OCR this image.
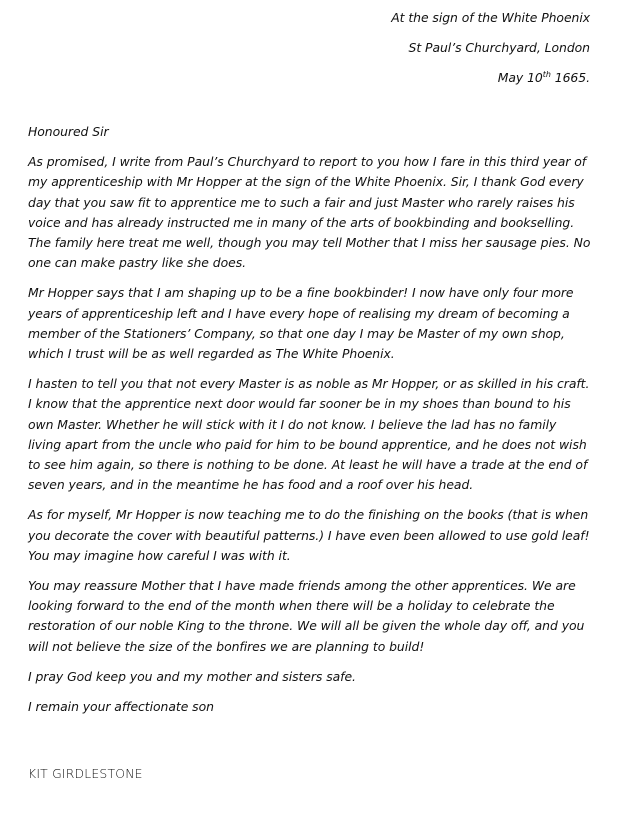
At the sign of the White Phoenix
St Paul’s Churchyard, London
May 10th 1665.
Honoured Sir
As promised, I write from Paul’s Churchyard to report to you how I fare in this third year of my apprenticeship with Mr Hopper at the sign of the White Phoenix. Sir, I thank God every day that you saw fit to apprentice me to such a fair and just Master who rarely raises his voice and has already instructed me in many of the arts of bookbinding and bookselling. The family here treat me well, though you may tell Mother that I miss her sausage pies. No one can make pastry like she does.
Mr Hopper says that I am shaping up to be a fine bookbinder! I now have only four more years of apprenticeship left and I have every hope of realising my dream of becoming a member of the Stationers’ Company, so that one day I may be Master of my own shop, which I trust will be as well regarded as The White Phoenix.
I hasten to tell you that not every Master is as noble as Mr Hopper, or as skilled in his craft. I know that the apprentice next door would far sooner be in my shoes than bound to his own Master. Whether he will stick with it I do not know. I believe the lad has no family living apart from the uncle who paid for him to be bound apprentice, and he does not wish to see him again, so there is nothing to be done. At least he will have a trade at the end of seven years, and in the meantime he has food and a roof over his head.
As for myself, Mr Hopper is now teaching me to do the finishing on the books (that is when you decorate the cover with beautiful patterns.) I have even been allowed to use gold leaf! You may imagine how careful I was with it.
You may reassure Mother that I have made friends among the other apprentices. We are looking forward to the end of the month when there will be a holiday to celebrate the restoration of our noble King to the throne. We will all be given the whole day off, and you will not believe the size of the bonfires we are planning to build!
I pray God keep you and my mother and sisters safe.
I remain your affectionate son
KIT GIRDLESTONE
